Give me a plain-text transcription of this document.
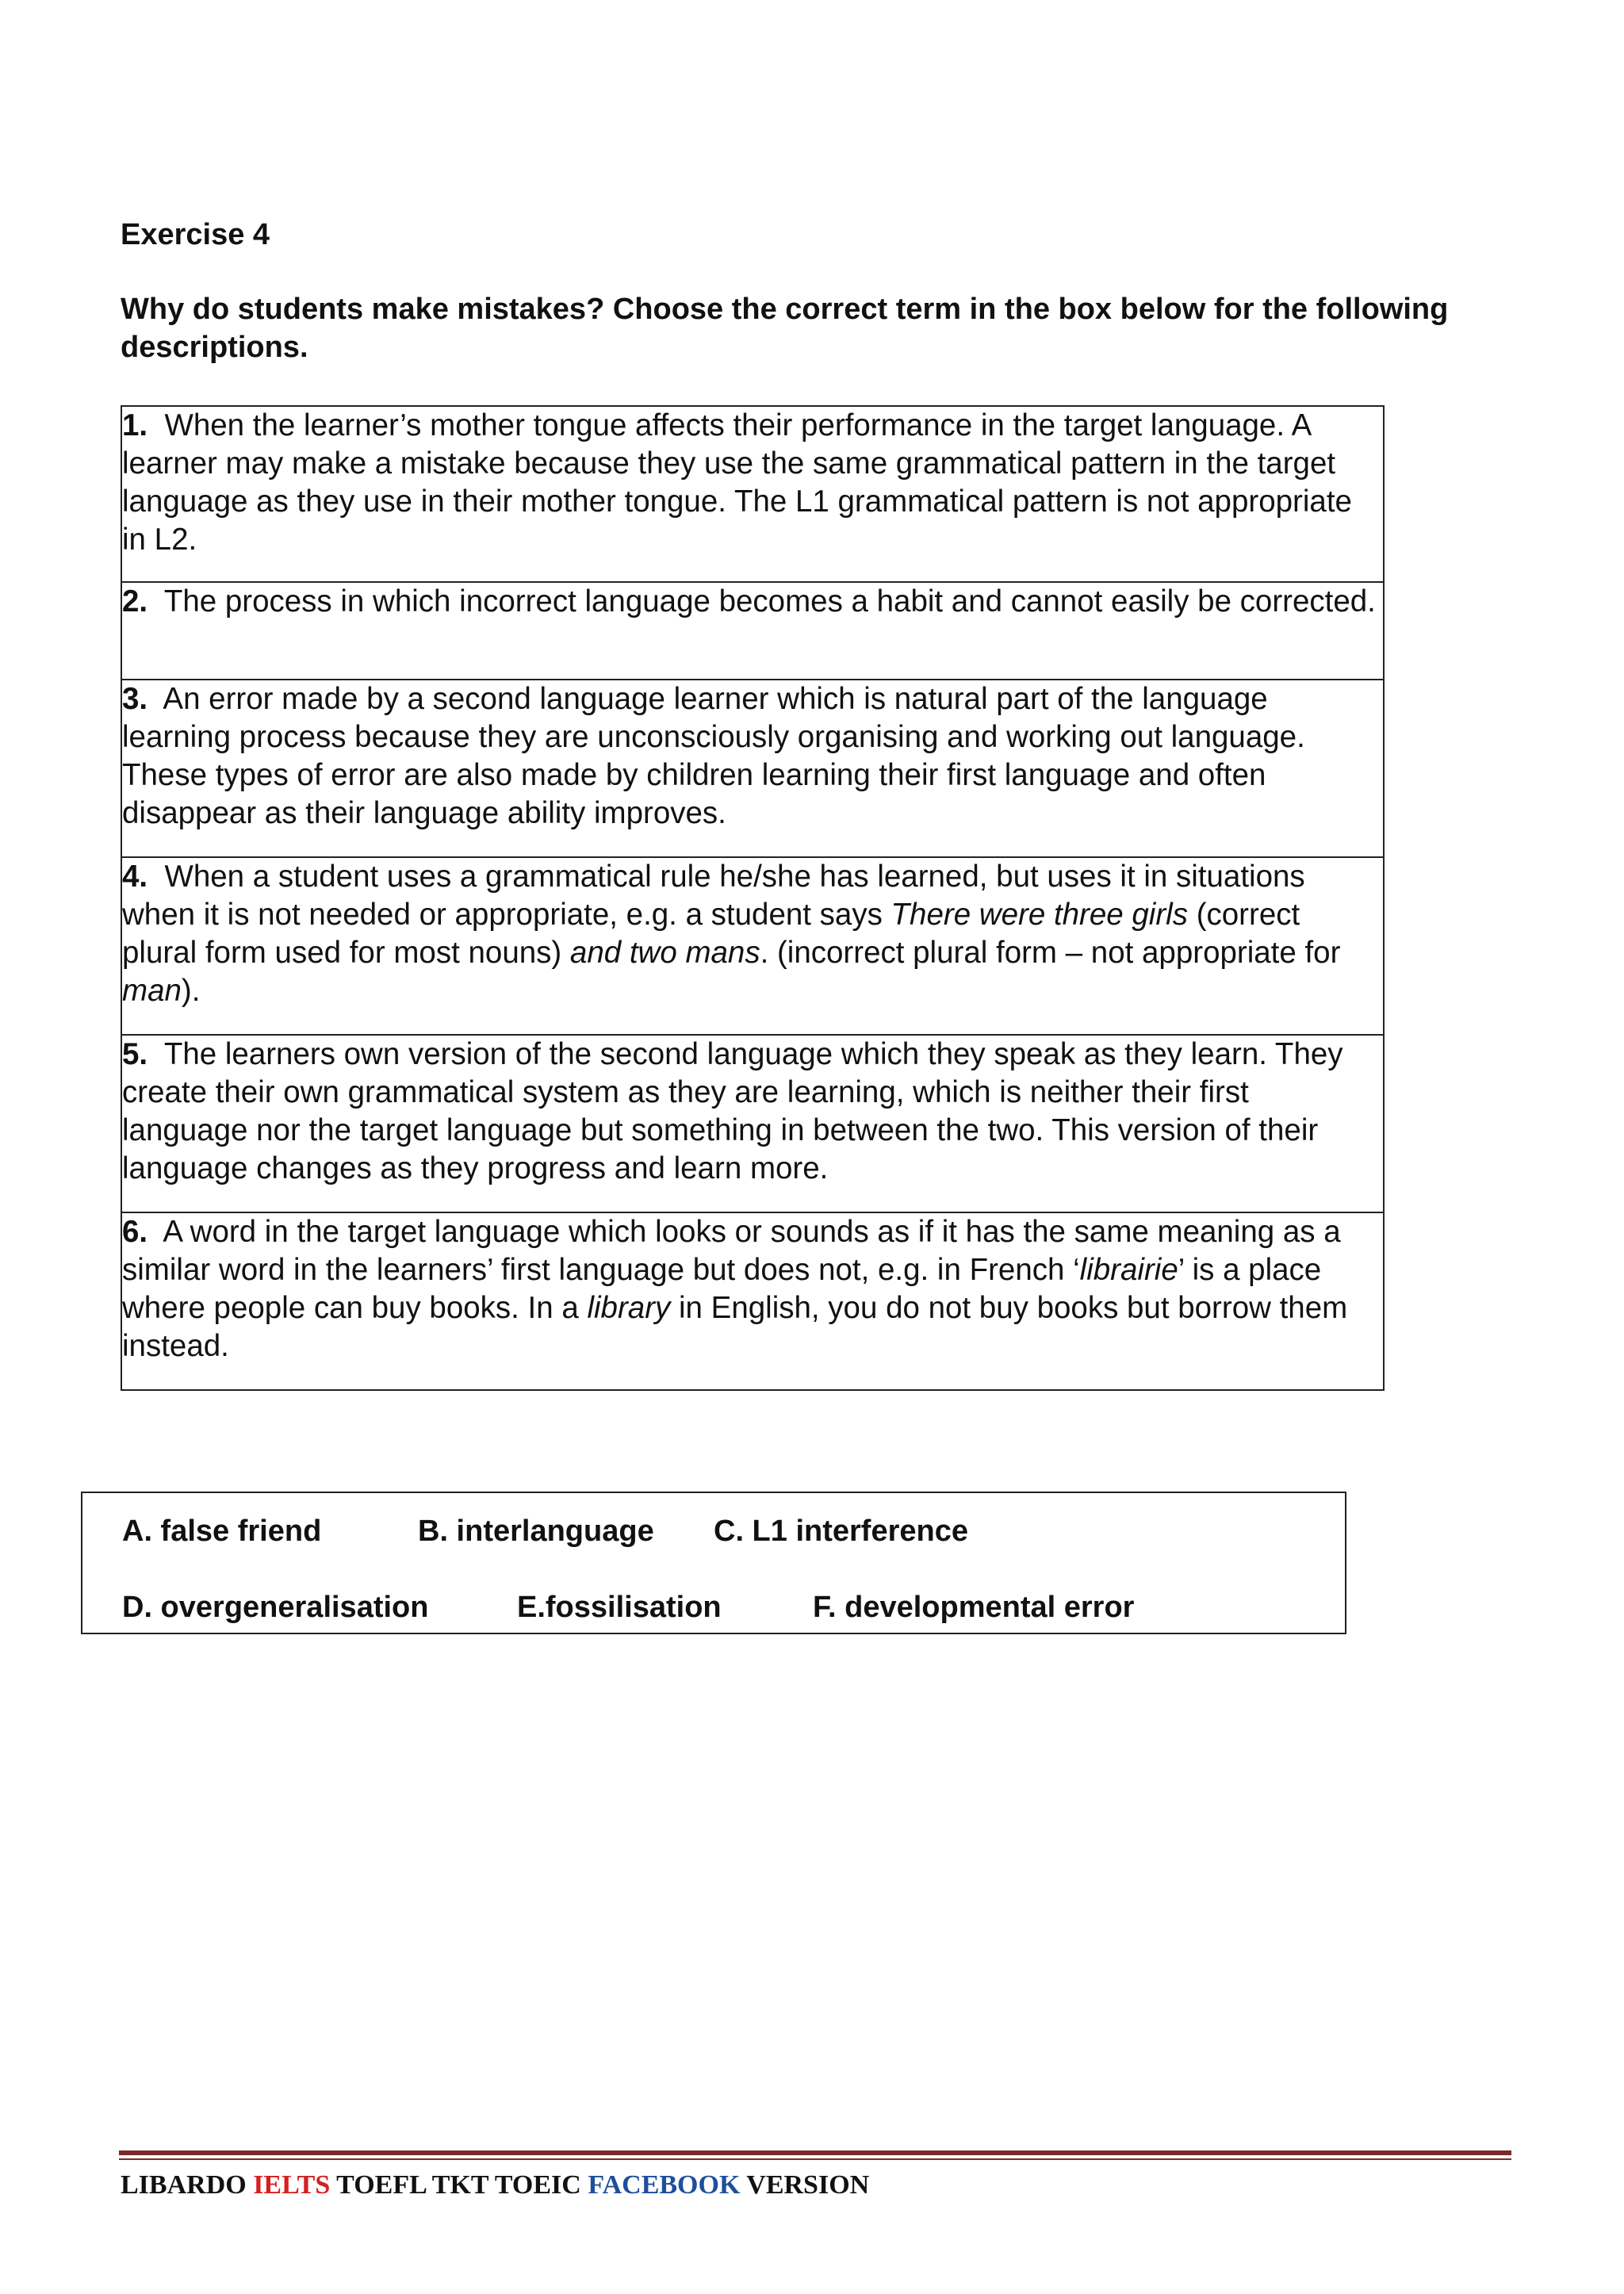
Exercise 4
Why do students make mistakes? Choose the correct term in the box below for the following descriptions.
1. When the learner’s mother tongue affects their performance in the target language. A learner may make a mistake because they use the same grammatical pattern in the target language as they use in their mother tongue. The L1 grammatical pattern is not appropriate in L2.
2. The process in which incorrect language becomes a habit and cannot easily be corrected.
3. An error made by a second language learner which is natural part of the language learning process because they are unconsciously organising and working out language. These types of error are also made by children learning their first language and often disappear as their language ability improves.
4. When a student uses a grammatical rule he/she has learned, but uses it in situations when it is not needed or appropriate, e.g. a student says There were three girls (correct plural form used for most nouns) and two mans. (incorrect plural form – not appropriate for man).
5. The learners own version of the second language which they speak as they learn. They create their own grammatical system as they are learning, which is neither their first language nor the target language but something in between the two. This version of their language changes as they progress and learn more.
6. A word in the target language which looks or sounds as if it has the same meaning as a similar word in the learners’ first language but does not, e.g. in French ‘librairie’ is a place where people can buy books. In a library in English, you do not buy books but borrow them instead.
A. false friend	B. interlanguage C. L1 interference
D. overgeneralisation	E.fossilisation	F. developmental error
LIBARDO IELTS TOEFL TKT TOEIC FACEBOOK VERSION
